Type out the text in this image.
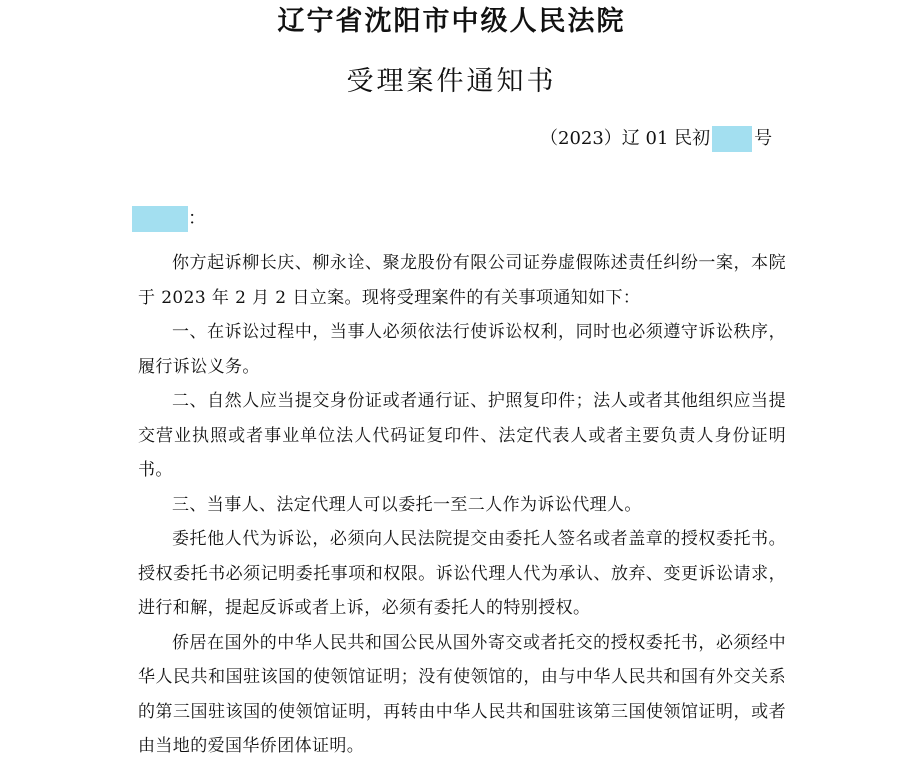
辽宁省沈阳市中级人民法院
受理案件通知书
（2023）辽 01 民初 号
：

你方起诉柳长庆、柳永诠、聚龙股份有限公司证券虚假陈述责任纠纷一案，本院于 2023 年 2 月 2 日立案。现将受理案件的有关事项通知如下：

一、在诉讼过程中，当事人必须依法行使诉讼权利，同时也必须遵守诉讼秩序，履行诉讼义务。

二、自然人应当提交身份证或者通行证、护照复印件；法人或者其他组织应当提交营业执照或者事业单位法人代码证复印件、法定代表人或者主要负责人身份证明书。

三、当事人、法定代理人可以委托一至二人作为诉讼代理人。

委托他人代为诉讼，必须向人民法院提交由委托人签名或者盖章的授权委托书。授权委托书必须记明委托事项和权限。诉讼代理人代为承认、放弃、变更诉讼请求，进行和解，提起反诉或者上诉，必须有委托人的特别授权。

侨居在国外的中华人民共和国公民从国外寄交或者托交的授权委托书，必须经中华人民共和国驻该国的使领馆证明；没有使领馆的，由与中华人民共和国有外交关系的第三国驻该国的使领馆证明，再转由中华人民共和国驻该第三国使领馆证明，或者由当地的爱国华侨团体证明。
